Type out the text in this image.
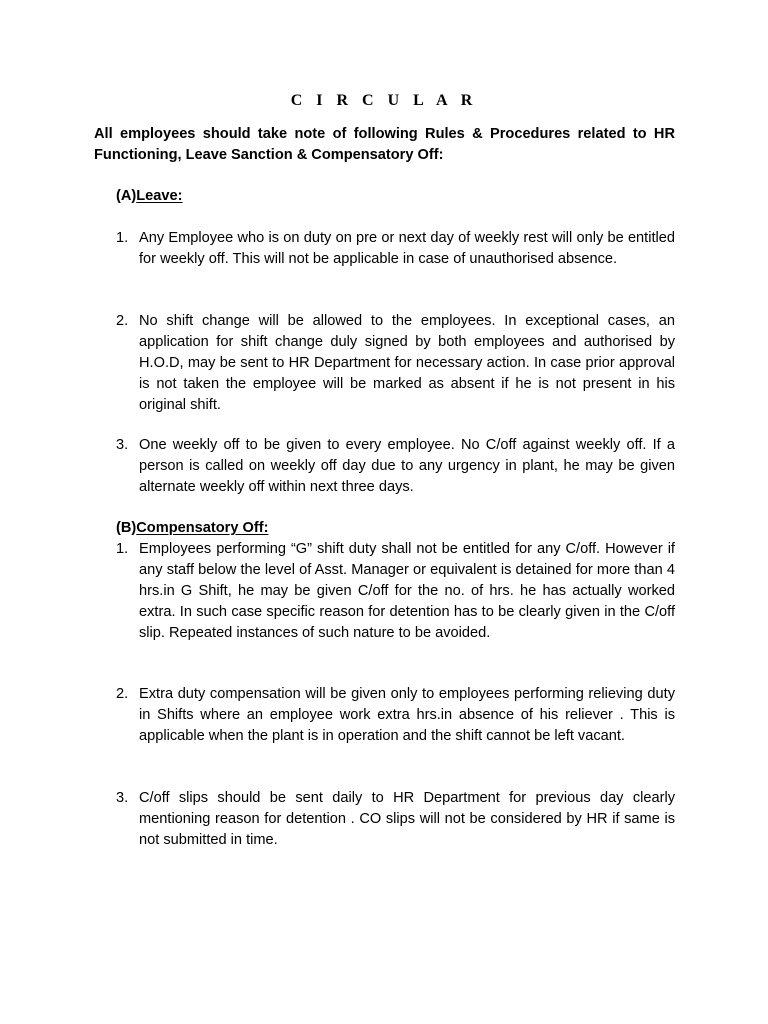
C I R C U L A R
All employees should take note of following Rules & Procedures related to HR Functioning, Leave Sanction & Compensatory Off:
(A)Leave:
1. Any Employee who is on duty on pre or next day of weekly rest will only be entitled for weekly off. This will not be applicable in case of unauthorised absence.
2. No shift change will be allowed to the employees. In exceptional cases, an application for shift change duly signed by both employees and authorised by H.O.D, may be sent to HR Department for necessary action. In case prior approval is not taken the employee will be marked as absent if he is not present in his original shift.
3. One weekly off to be given to every employee. No C/off against weekly off. If a person is called on weekly off day due to any urgency in plant, he may be given alternate weekly off within next three days.
(B)Compensatory Off:
1. Employees performing “G” shift duty shall not be entitled for any C/off. However if any staff below the level of Asst. Manager or equivalent is detained for more than 4 hrs.in G Shift, he may be given C/off for the no. of hrs. he has actually worked extra. In such case specific reason for detention has to be clearly given in the C/off slip. Repeated instances of such nature to be avoided.
2. Extra duty compensation will be given only to employees performing relieving duty in Shifts where an employee work extra hrs.in absence of his reliever . This is applicable when the plant is in operation and the shift cannot be left vacant.
3. C/off slips should be sent daily to HR Department for previous day clearly mentioning reason for detention . CO slips will not be considered by HR if same is not submitted in time.
